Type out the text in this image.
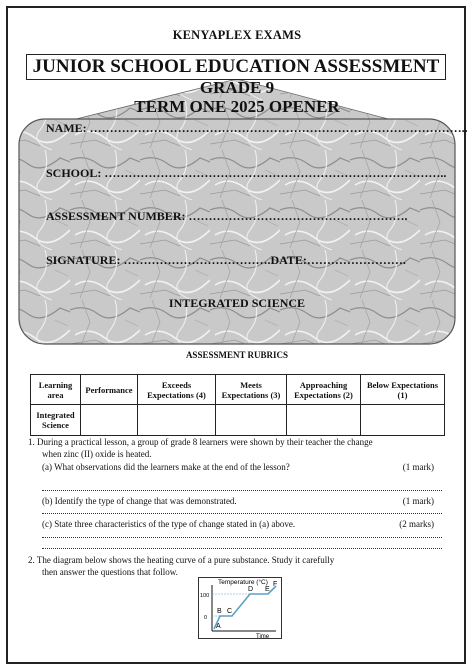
KENYAPLEX EXAMS
JUNIOR SCHOOL EDUCATION ASSESSMENT
GRADE 9
TERM ONE 2025 OPENER
NAME: …………………………………………………………………………………..
SCHOOL: …………………………………………………………………………..
ASSESSMENT NUMBER: ……………………………………………….
SIGNATURE: ……………………………….DATE:…………………….
INTEGRATED SCIENCE
ASSESSMENT RUBRICS
Learning area	Performance	Exceeds Expectations (4)	Meets Expectations (3)	Approaching Expectations (2)	Below Expectations (1)
Integrated Science					
1. During a practical lesson, a group of grade 8 learners were shown by their teacher the change
when zinc (II) oxide is heated.
(a) What observations did the learners make at the end of the lesson?	(1 mark)
(b) Identify the type of change that was demonstrated.	(1 mark)
(c) State three characteristics of the type of change stated in (a) above.	(2 marks)
2. The diagram below shows the heating curve of a pure substance. Study it carefully
then answer the questions that follow.
Temperature (°C)
Time
100
0
A
B C
D E
F
